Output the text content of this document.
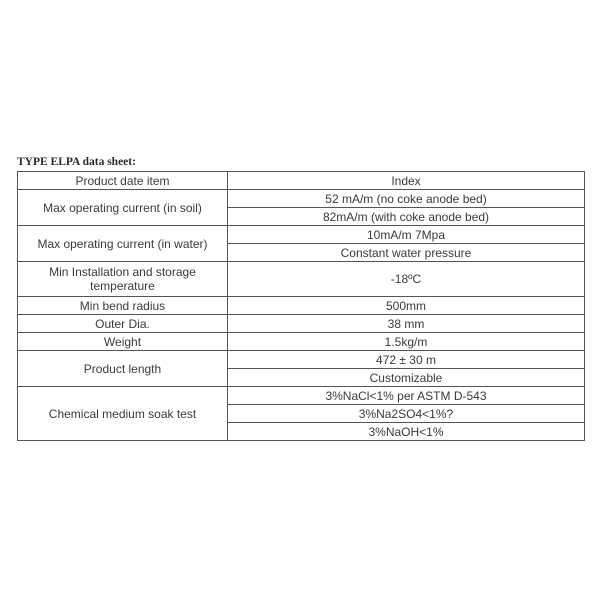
TYPE ELPA data sheet:
Product date item	Index
Max operating current (in soil)	52 mA/m (no coke anode bed)
	82mA/m (with coke anode bed)
Max operating current (in water)	10mA/m 7Mpa
	Constant water pressure
Min Installation and storage temperature	-18ºC
Min bend radius	500mm
Outer Dia.	38 mm
Weight	1.5kg/m
Product length	472 ± 30 m
	Customizable
Chemical medium soak test	3%NaCl<1% per ASTM D-543
	3%Na2SO4<1%?
	3%NaOH<1%
